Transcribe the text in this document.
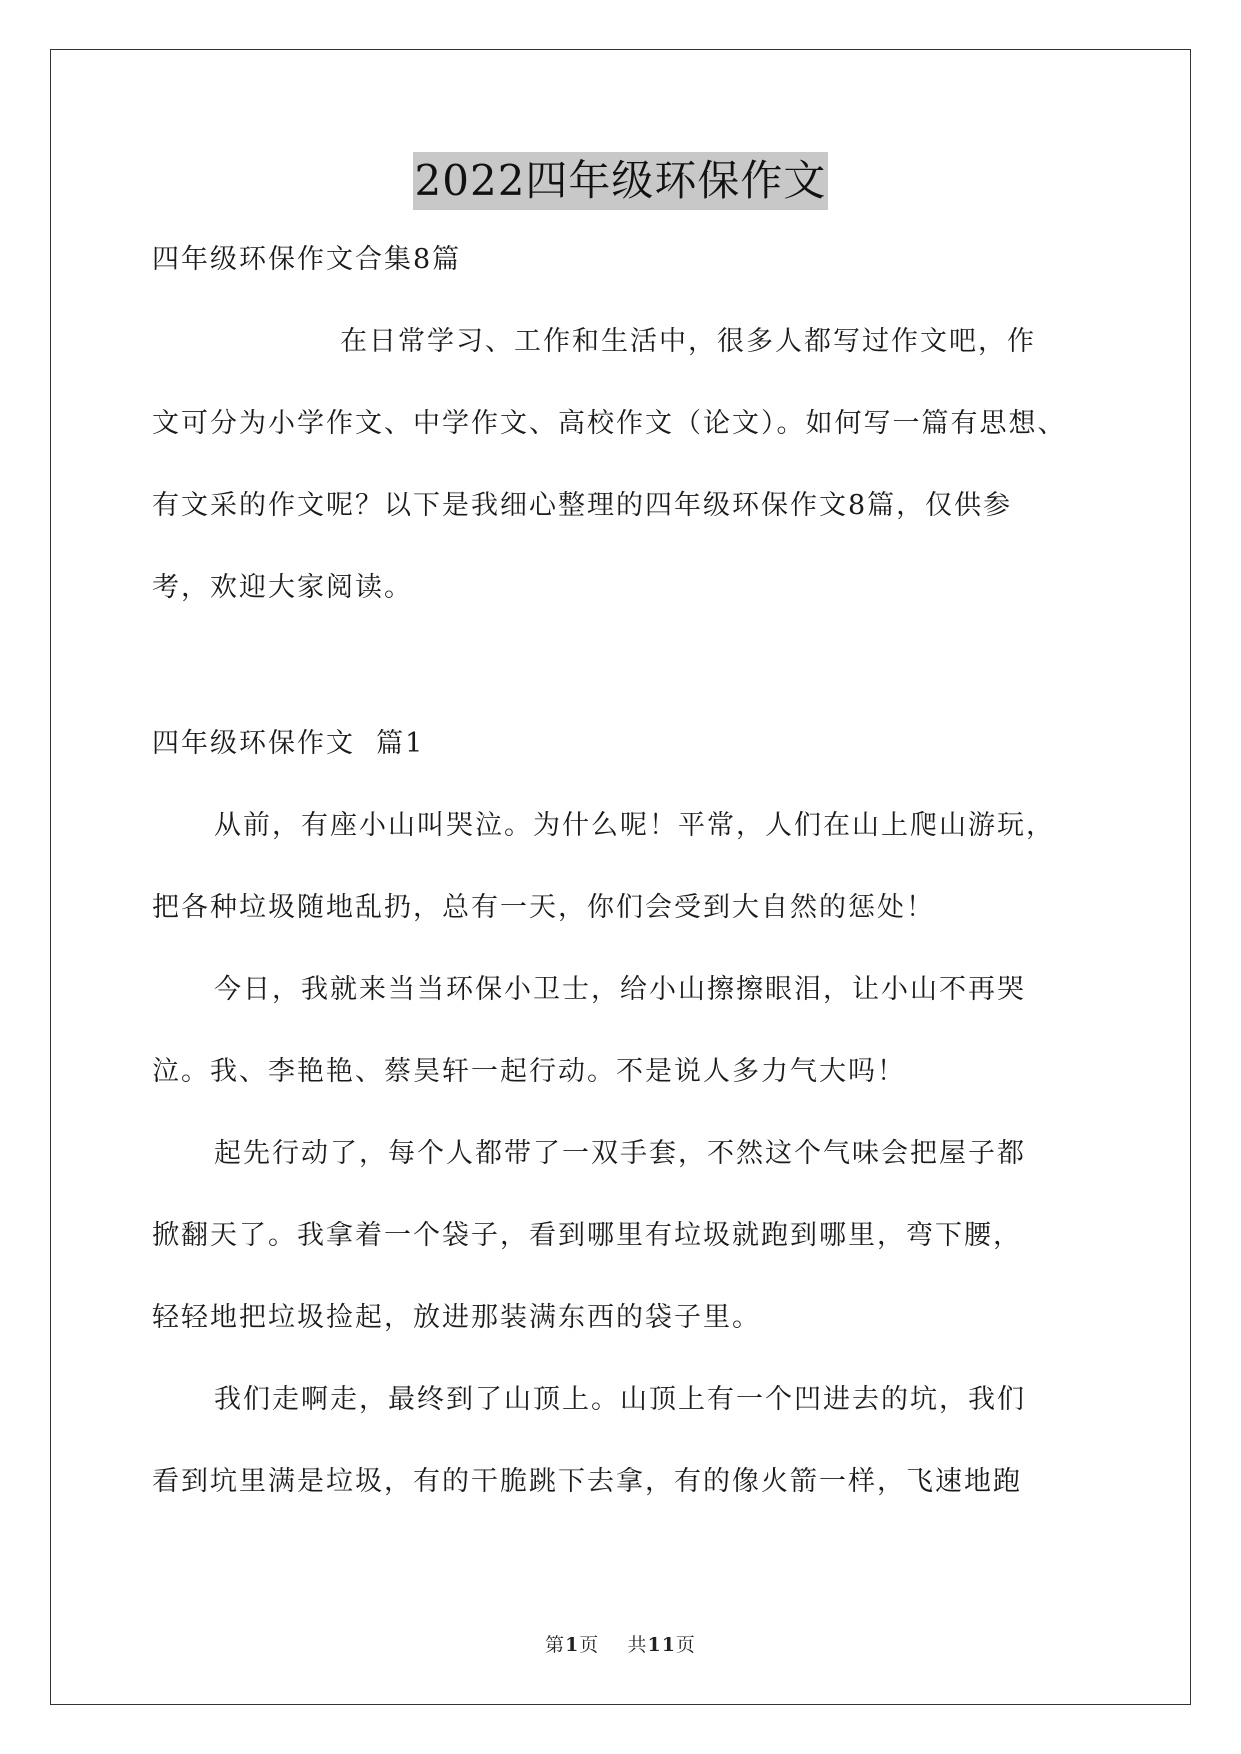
2022四年级环保作文
四年级环保作文合集8篇
在日常学习、工作和生活中，很多人都写过作文吧，作
文可分为小学作文、中学作文、高校作文（论文）。如何写一篇有思想、
有文采的作文呢？以下是我细心整理的四年级环保作文8篇，仅供参
考，欢迎大家阅读。
四年级环保作文  篇1
从前，有座小山叫哭泣。为什么呢！平常，人们在山上爬山游玩，
把各种垃圾随地乱扔，总有一天，你们会受到大自然的惩处！
今日，我就来当当环保小卫士，给小山擦擦眼泪，让小山不再哭
泣。我、李艳艳、蔡昊轩一起行动。不是说人多力气大吗！
起先行动了，每个人都带了一双手套，不然这个气味会把屋子都
掀翻天了。我拿着一个袋子，看到哪里有垃圾就跑到哪里，弯下腰，
轻轻地把垃圾捡起，放进那装满东西的袋子里。
我们走啊走，最终到了山顶上。山顶上有一个凹进去的坑，我们
看到坑里满是垃圾，有的干脆跳下去拿，有的像火箭一样，飞速地跑
第1页    共11页
